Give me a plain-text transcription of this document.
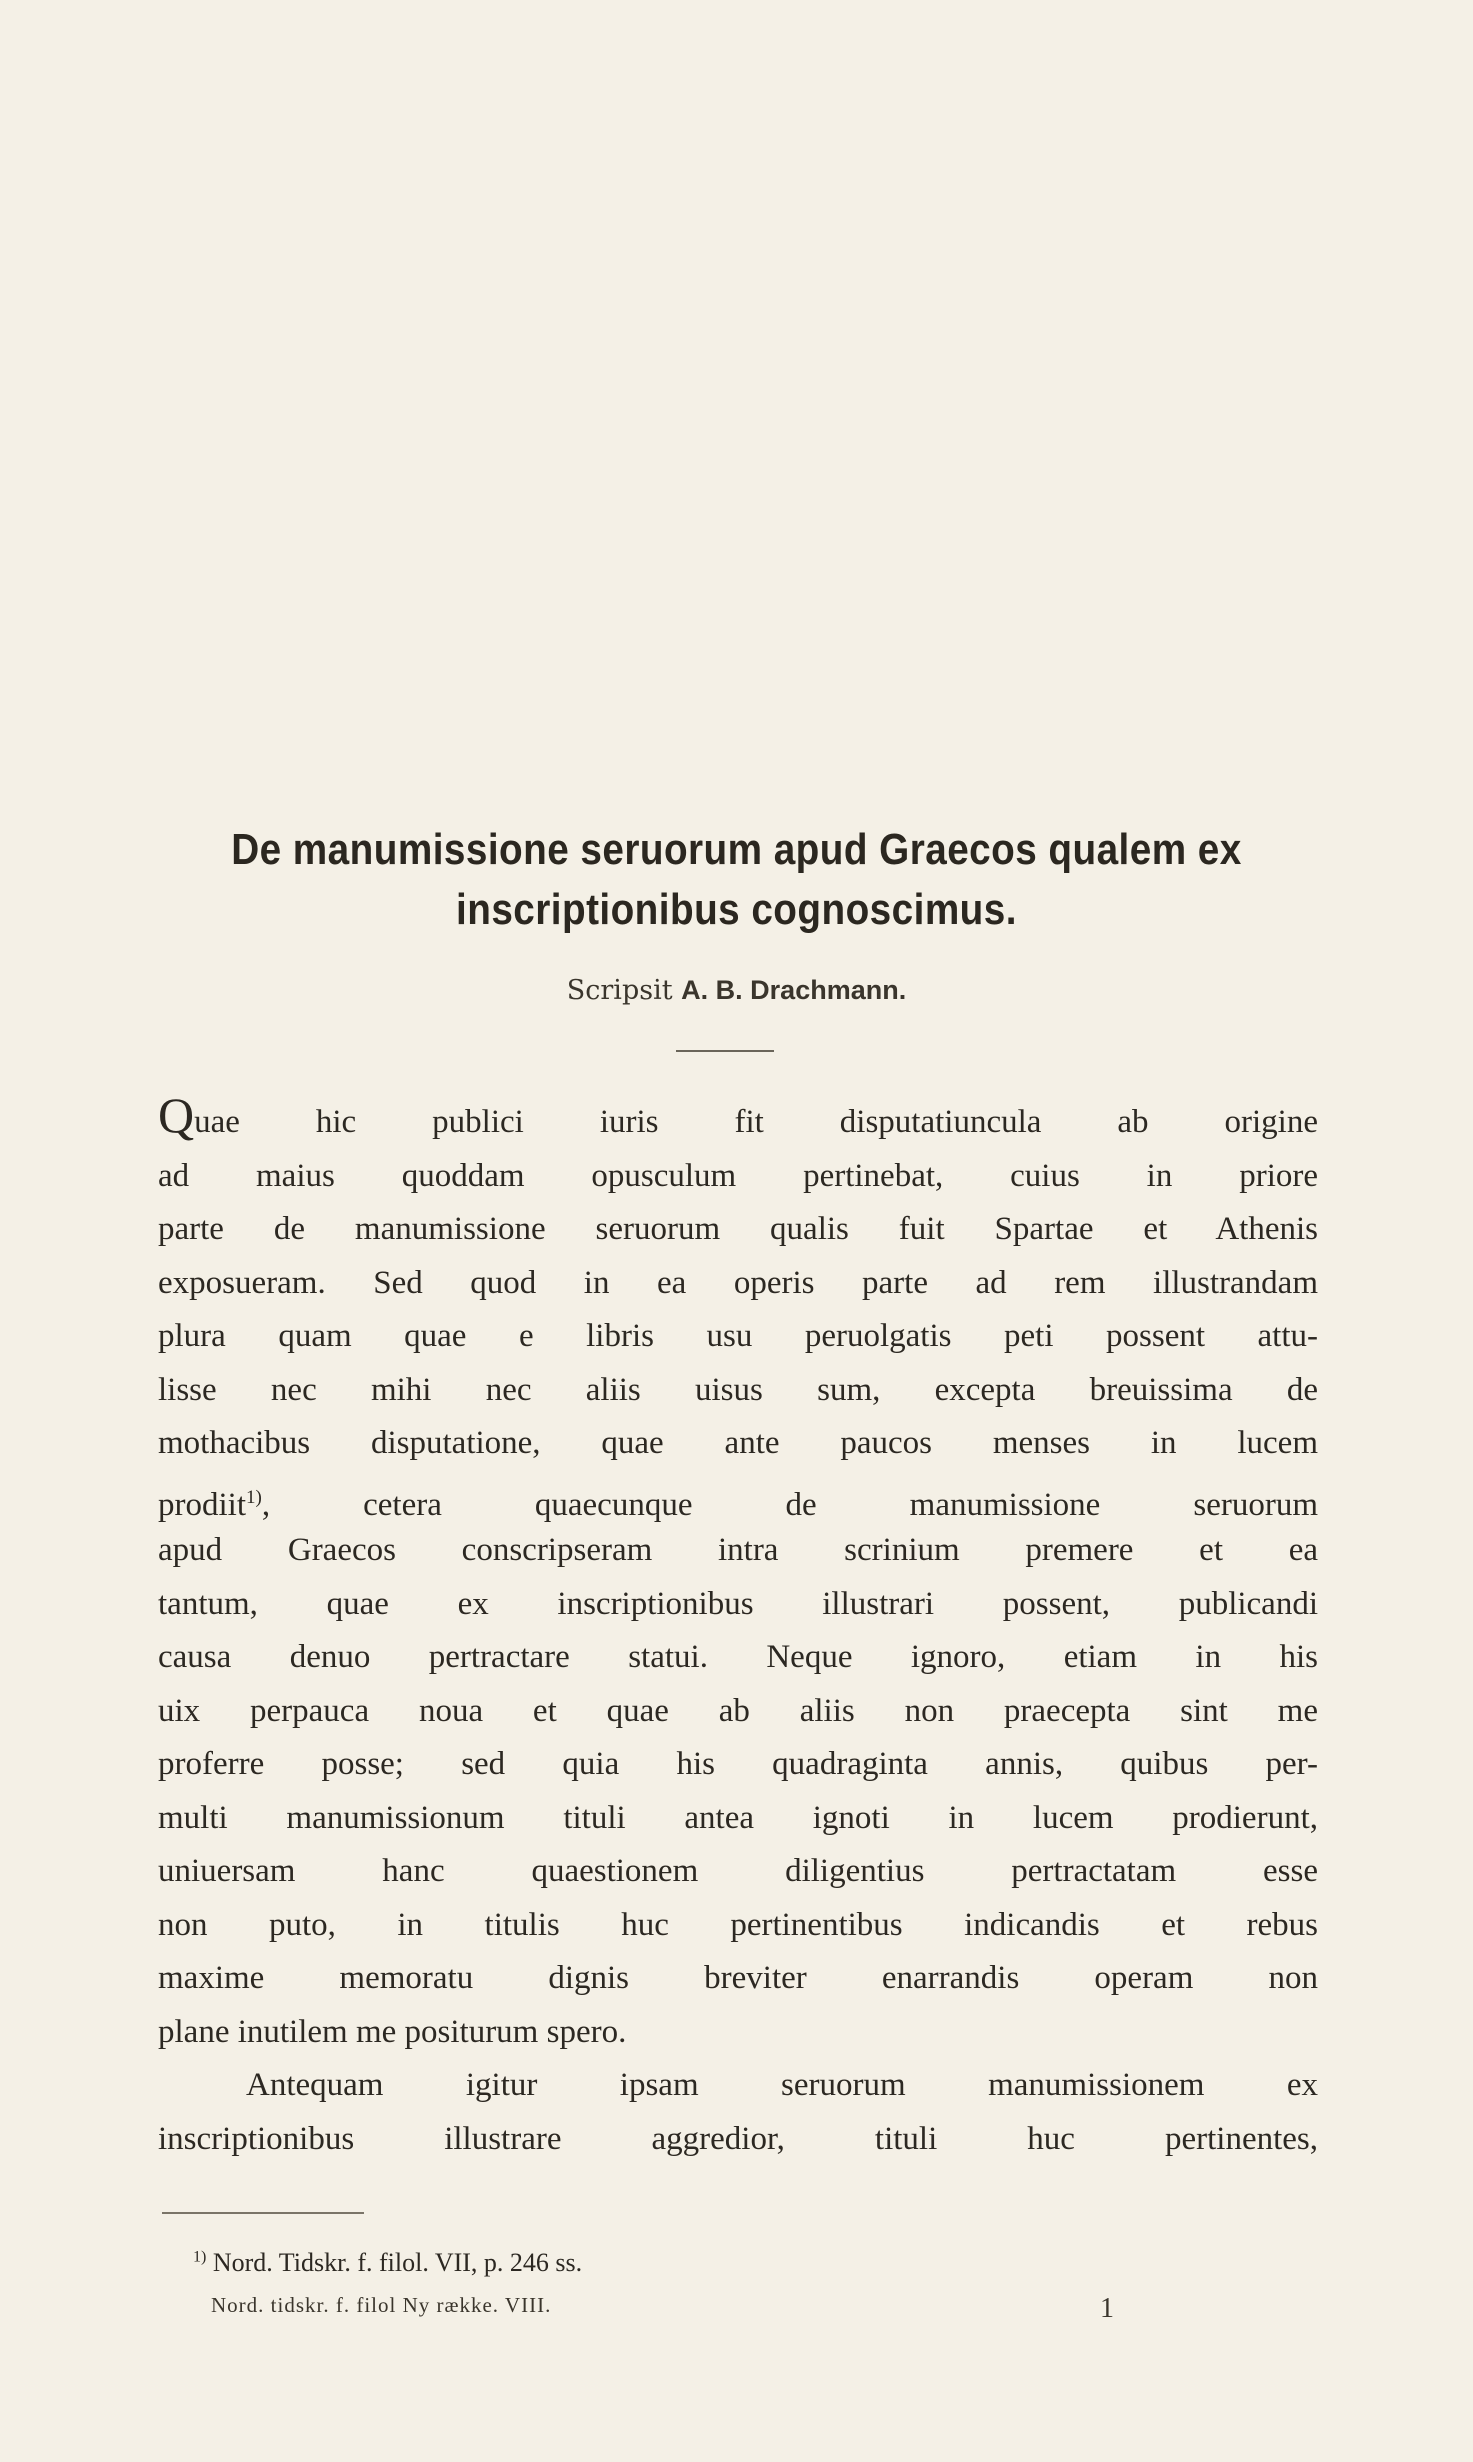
De manumissione seruorum apud Graecos qualem ex
inscriptionibus cognoscimus.
Scripsit A. B. Drachmann.
Quae hic publici iuris fit disputatiuncula ab origine
ad maius quoddam opusculum pertinebat, cuius in priore
parte de manumissione seruorum qualis fuit Spartae et Athenis
exposueram. Sed quod in ea operis parte ad rem illustrandam
plura quam quae e libris usu peruolgatis peti possent attu-
lisse nec mihi nec aliis uisus sum, excepta breuissima de
mothacibus disputatione, quae ante paucos menses in lucem
prodiit$^{1)}$,	cetera quaecunque de manumissione seruorum
apud Graecos conscripseram intra scrinium premere et ea
tantum, quae ex inscriptionibus illustrari possent, publicandi
causa denuo pertractare statui. Neque ignoro, etiam in his
uix perpauca noua et quae ab aliis non praecepta sint me
proferre posse; sed quia his quadraginta annis, quibus per-
multi manumissionum tituli antea ignoti in lucem prodierunt,
uniuersam hanc quaestionem diligentius pertractatam esse
non puto, in titulis huc pertinentibus indicandis et rebus
maxime memoratu dignis breviter enarrandis operam non
plane inutilem me positurum spero.
Antequam igitur ipsam seruorum manumissionem ex
inscriptionibus illustrare aggredior, tituli huc pertinentes,
$^{1)}$ Nord. Tidskr. f. filol. VII, p. 246 ss.
Nord. tidskr. f. filol Ny række. VIII.	1
